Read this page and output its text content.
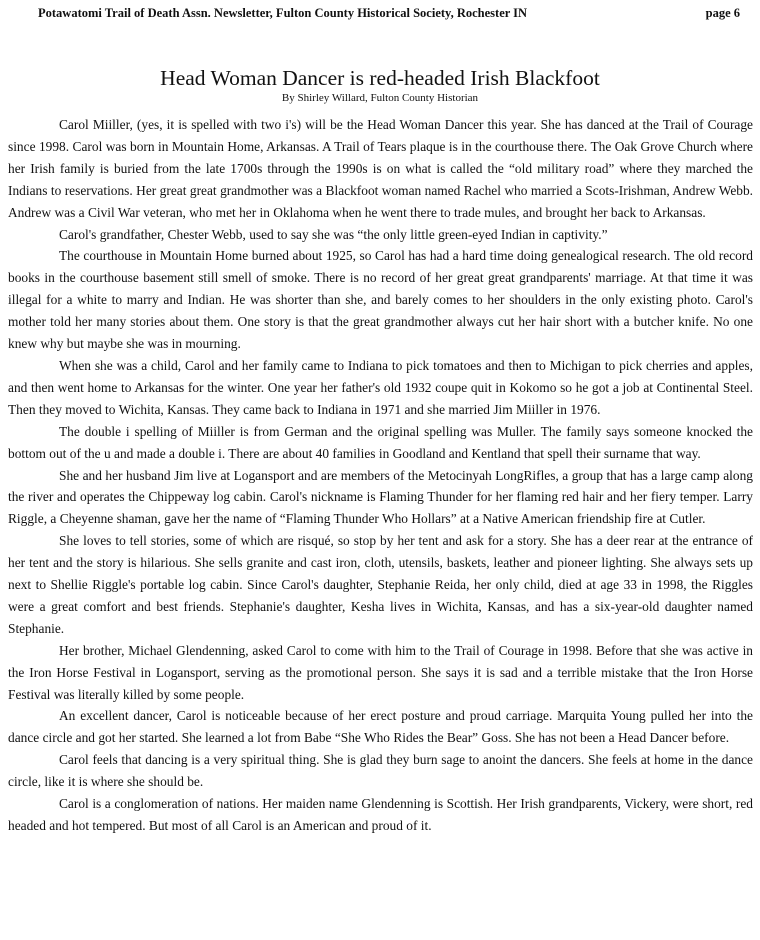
Potawatomi Trail of Death Assn. Newsletter, Fulton County Historical Society, Rochester IN	page 6
Head Woman Dancer is red-headed Irish Blackfoot
By Shirley Willard, Fulton County Historian

Carol Miiller, (yes, it is spelled with two i's) will be the Head Woman Dancer this year. She has danced at the Trail of Courage since 1998. Carol was born in Mountain Home, Arkansas. A Trail of Tears plaque is in the courthouse there. The Oak Grove Church where her Irish family is buried from the late 1700s through the 1990s is on what is called the “old military road” where they marched the Indians to reservations. Her great great grandmother was a Blackfoot woman named Rachel who married a Scots-Irishman, Andrew Webb. Andrew was a Civil War veteran, who met her in Oklahoma when he went there to trade mules, and brought her back to Arkansas.

Carol's grandfather, Chester Webb, used to say she was “the only little green-eyed Indian in captivity.”

The courthouse in Mountain Home burned about 1925, so Carol has had a hard time doing genealogical research. The old record books in the courthouse basement still smell of smoke. There is no record of her great great grandparents' marriage. At that time it was illegal for a white to marry and Indian. He was shorter than she, and barely comes to her shoulders in the only existing photo. Carol's mother told her many stories about them. One story is that the great grandmother always cut her hair short with a butcher knife. No one knew why but maybe she was in mourning.

When she was a child, Carol and her family came to Indiana to pick tomatoes and then to Michigan to pick cherries and apples, and then went home to Arkansas for the winter. One year her father's old 1932 coupe quit in Kokomo so he got a job at Continental Steel. Then they moved to Wichita, Kansas. They came back to Indiana in 1971 and she married Jim Miiller in 1976.

The double i spelling of Miiller is from German and the original spelling was Muller. The family says someone knocked the bottom out of the u and made a double i. There are about 40 families in Goodland and Kentland that spell their surname that way.

She and her husband Jim live at Logansport and are members of the Metocinyah LongRifles, a group that has a large camp along the river and operates the Chippeway log cabin. Carol's nickname is Flaming Thunder for her flaming red hair and her fiery temper. Larry Riggle, a Cheyenne shaman, gave her the name of “Flaming Thunder Who Hollars” at a Native American friendship fire at Cutler.

She loves to tell stories, some of which are risqué, so stop by her tent and ask for a story. She has a deer rear at the entrance of her tent and the story is hilarious. She sells granite and cast iron, cloth, utensils, baskets, leather and pioneer lighting. She always sets up next to Shellie Riggle's portable log cabin. Since Carol's daughter, Stephanie Reida, her only child, died at age 33 in 1998, the Riggles were a great comfort and best friends. Stephanie's daughter, Kesha lives in Wichita, Kansas, and has a six-year-old daughter named Stephanie.

Her brother, Michael Glendenning, asked Carol to come with him to the Trail of Courage in 1998. Before that she was active in the Iron Horse Festival in Logansport, serving as the promotional person. She says it is sad and a terrible mistake that the Iron Horse Festival was literally killed by some people.

An excellent dancer, Carol is noticeable because of her erect posture and proud carriage. Marquita Young pulled her into the dance circle and got her started. She learned a lot from Babe “She Who Rides the Bear” Goss. She has not been a Head Dancer before.

Carol feels that dancing is a very spiritual thing. She is glad they burn sage to anoint the dancers. She feels at home in the dance circle, like it is where she should be.

Carol is a conglomeration of nations. Her maiden name Glendenning is Scottish. Her Irish grandparents, Vickery, were short, red headed and hot tempered. But most of all Carol is an American and proud of it.
